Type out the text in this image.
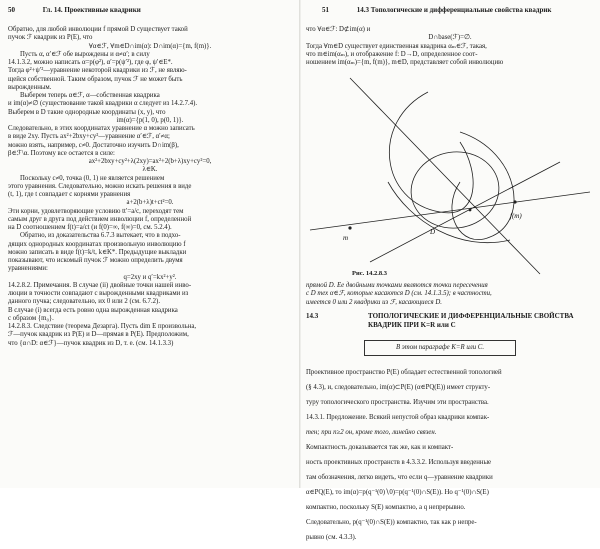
50	Гл. 14. Проективные квадрики

Обратно, для любой инволюции f прямой D существует такой

пучок ℱ квадрик из P(E), что

∀α∈ℱ, ∀m∈D∩im(α): D∩im(α)={m, f(m)}.

Пусть α, α′∈ℱ обе вырождены и α≠α′; в силу

14.1.3.2, можно написать α=p(φ²), α′=p(ψ′²), где φ, ψ′∈E*.

Тогда φ²+ψ′²—уравнение некоторой квадрики из ℱ, не являю-

щейся собственной. Таким образом, пучок ℱ не может быть

вырожденным.

Выберем теперь α∈ℱ, α—собственная квадрика

и im(α)≠∅ (существование такой квадрики α следует из 14.2.7.4).

Выберем в D такие однородные координаты (x, y), что

im(α)={p(1, 0), p(0, 1)}.

Следовательно, в этих координатах уравнение α можно записать

в виде 2xy. Пусть ax²+2bxy+cy²—уравнение α′∈ℱ, α′≠α;

можно взять, например, c≠0. Достаточно изучить D∩im(β),

β∈ℱ\α. Поэтому все остается в силе:

ax²+2bxy+cy²+λ(2xy)=ax²+2(b+λ)xy+cy²=0,

λ∈K.

Поскольку c≠0, точка (0, 1) не является решением

этого уравнения. Следовательно, можно искать решения в виде

(t, 1), где t совпадает с корнями уравнения

a+2(b+λ)t+ct²=0.

Эти корни, удовлетворяющие условию tt′=a/c, переходят тем

самым друг в друга под действием инволюции f, определенной

на D соотношением f(t)=a/ct (и f(0)=∞, f(∞)=0, см. 5.2.4).

Обратно, из доказательства 6.7.3 вытекает, что в подхо-

дящих однородных координатах произвольную инволюцию f

можно записать в виде f(t)=k/t, k∈K*. Предыдущие выкладки

показывают, что искомый пучок ℱ можно определить двумя

уравнениями:

q=2xy и q′=kx²+y².

14.2.8.2. Примечания. В случае (ii) двойные точки нашей инво-

люции в точности совпадают с вырожденными квадриками из

данного пучка; следовательно, их 0 или 2 (см. 6.7.2).

В случае (i) всегда есть ровно одна вырожденная квадрика

с образом {m₀}.

14.2.8.3. Следствие (теорема Дезарга). Пусть dim E произвольна,

ℱ—пучок квадрик из P(E) и D—прямая в P(E). Предположим,

что {α∩D: α∈ℱ}—пучок квадрик из D, т. е. (см. 14.1.3.3)

51	14.3 Топологические и дифференциальные свойства квадрик

что ∀α∈ℱ: D⊄im(α) и

D∩base(ℱ)=∅.

Тогда ∀m∈D существует единственная квадрика αₘ∈ℱ, такая,

что m∈im(αₘ), и отображение f: D→D, определенное соот-

ношением im(αₘ)={m, f(m)}, m∈D, представляет собой инволюцию

m
D
f(m)
Рис. 14.2.8.3

прямой D. Ее двойными точками являются точки пересечения

с D тех α∈ℱ, которые касаются D (см. 14.1.3.5); в частности,

имеется 0 или 2 квадрики из ℱ, касающиеся D.

14.3	ТОПОЛОГИЧЕСКИЕ И ДИФФЕРЕНЦИАЛЬНЫЕ СВОЙСТВА КВАДРИК ПРИ K=R или C
В этом параграфе K=R или C.

Проективное пространство P(E) обладает естественной топологией

(§ 4.3), и, следовательно, im(α)⊂P(E) (α∈PQ(E)) имеет структу-

туру топологического пространства. Изучим эти пространства.

14.3.1. Предложение. Всякий непустой образ квадрики компак-

тен; при n≥2 он, кроме того, линейно связен.

Компактность доказывается так же, как и компакт-

ность проективных пространств в 4.3.3.2. Используя введенные

там обозначения, легко видеть, что если q—уравнение квадрики

α∈PQ(E), то im(α)=p(q⁻¹(0)∖0)=p(q⁻¹(0)∩S(E)). Но q⁻¹(0)∩S(E)

компактно, поскольку S(E) компактно, а q непрерывно.

Следовательно, p(q⁻¹(0)∩S(E)) компактно, так как p непре-

рывно (см. 4.3.3).
